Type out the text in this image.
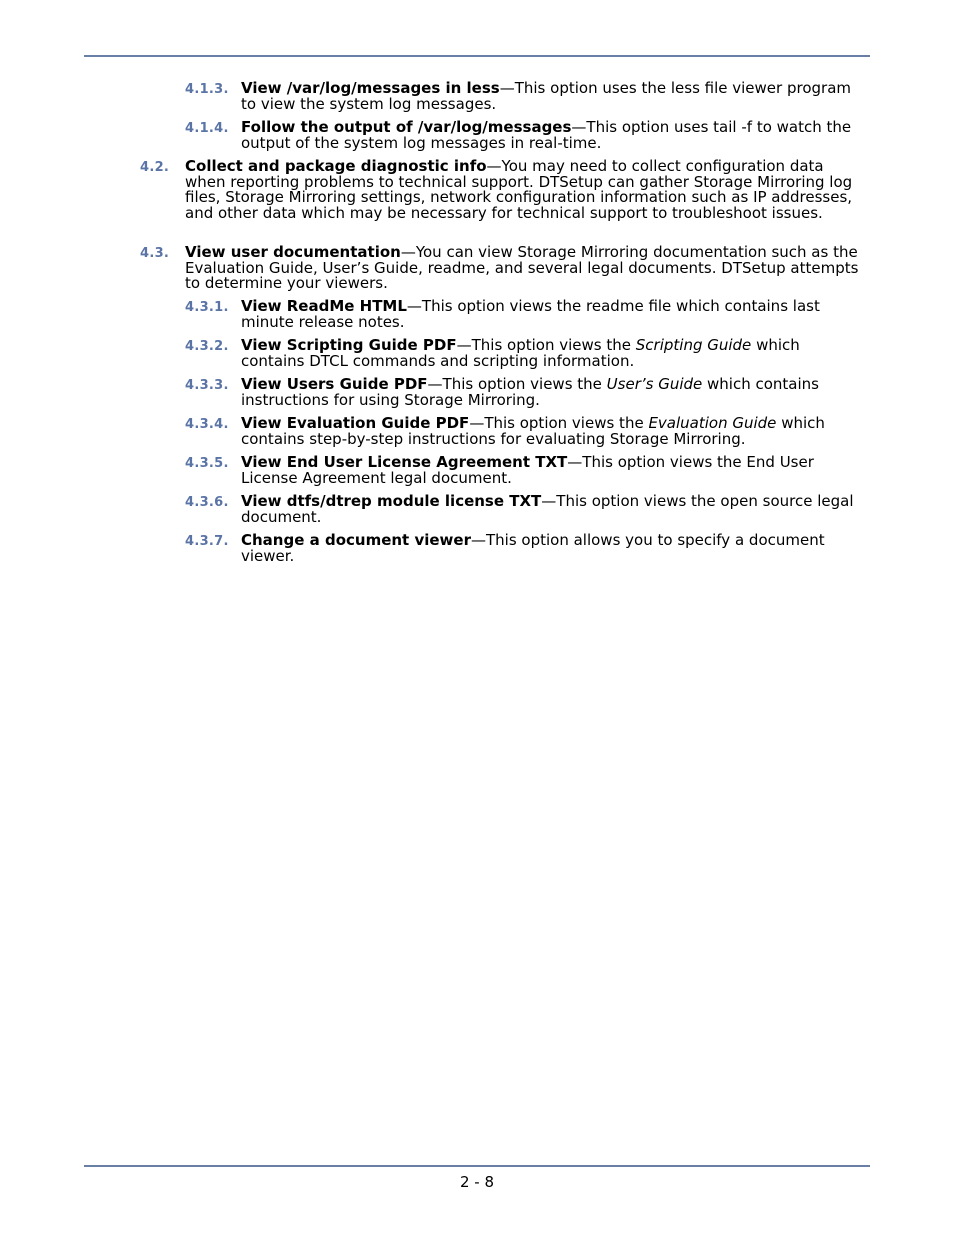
4.1.3. View /var/log/messages in less—This option uses the less file viewer program to view the system log messages.
4.1.4. Follow the output of /var/log/messages—This option uses tail -f to watch the output of the system log messages in real-time.
4.2. Collect and package diagnostic info—You may need to collect configuration data when reporting problems to technical support. DTSetup can gather Storage Mirroring log files, Storage Mirroring settings, network configuration information such as IP addresses, and other data which may be necessary for technical support to troubleshoot issues.
4.3. View user documentation—You can view Storage Mirroring documentation such as the Evaluation Guide, User’s Guide, readme, and several legal documents. DTSetup attempts to determine your viewers.
4.3.1. View ReadMe HTML—This option views the readme file which contains last minute release notes.
4.3.2. View Scripting Guide PDF—This option views the Scripting Guide which contains DTCL commands and scripting information.
4.3.3. View Users Guide PDF—This option views the User’s Guide which contains instructions for using Storage Mirroring.
4.3.4. View Evaluation Guide PDF—This option views the Evaluation Guide which contains step-by-step instructions for evaluating Storage Mirroring.
4.3.5. View End User License Agreement TXT—This option views the End User License Agreement legal document.
4.3.6. View dtfs/dtrep module license TXT—This option views the open source legal document.
4.3.7. Change a document viewer—This option allows you to specify a document viewer.
2 - 8
